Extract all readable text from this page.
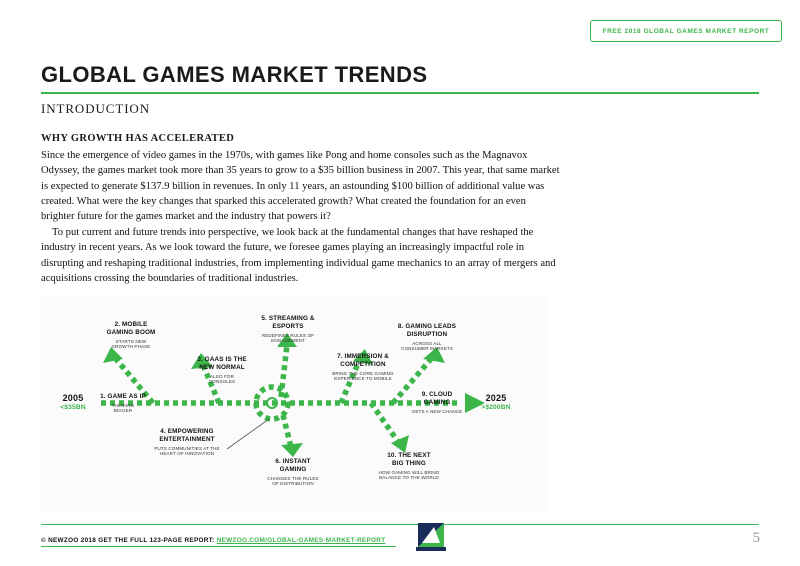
FREE 2018 GLOBAL GAMES MARKET REPORT
GLOBAL GAMES MARKET TRENDS
INTRODUCTION
WHY GROWTH HAS ACCELERATED
Since the emergence of video games in the 1970s, with games like Pong and home consoles such as the Magnavox Odyssey, the games market took more than 35 years to grow to a $35 billion business in 2007. This year, that same market is expected to generate $137.9 billion in revenues. In only 11 years, an astounding $100 billion of additional value was created. What were the key changes that sparked this accelerated growth? What created the foundation for an even brighter future for the games market and the industry that powers it?
To put current and future trends into perspective, we look back at the fundamental changes that have reshaped the industry in recent years. As we look toward the future, we foresee games playing an increasingly impactful role in disrupting and reshaping traditional industries, from implementing individual game mechanics to an array of mergers and acquisitions crossing the boundaries of traditional industries.
2005
<$35BN
2025
>$200BN
1. GAME AS IP
THINKING
BIGGER
2. MOBILE
GAMING BOOM
STARTS NEW
GROWTH PHASE
3. GAAS IS THE
NEW NORMAL
ALSO FOR
CONSOLES
4. EMPOWERING
ENTERTAINMENT
PUTS COMMUNITIES AT THE
HEART OF INNOVATION
5. STREAMING &
ESPORTS
REDEFINES RULES OF
ENGAGEMENT
6. INSTANT
GAMING
CHANGES THE RULES
OF DISTRIBUTION
7. IMMERSION &
COMPETITION
BRING THE CORE GAMING
EXPERIENCE TO MOBILE
8. GAMING LEADS
DISRUPTION
ACROSS ALL
CONSUMER MARKETS
9. CLOUD
GAMING
GETS A NEW CHANCE
10. THE NEXT
BIG THING
HOW GAMING WILL BRING
BALANCE TO THE WORLD
© NEWZOO 2018 GET THE FULL 123-PAGE REPORT: NEWZOO.COM/GLOBAL-GAMES-MARKET-REPORT	5
